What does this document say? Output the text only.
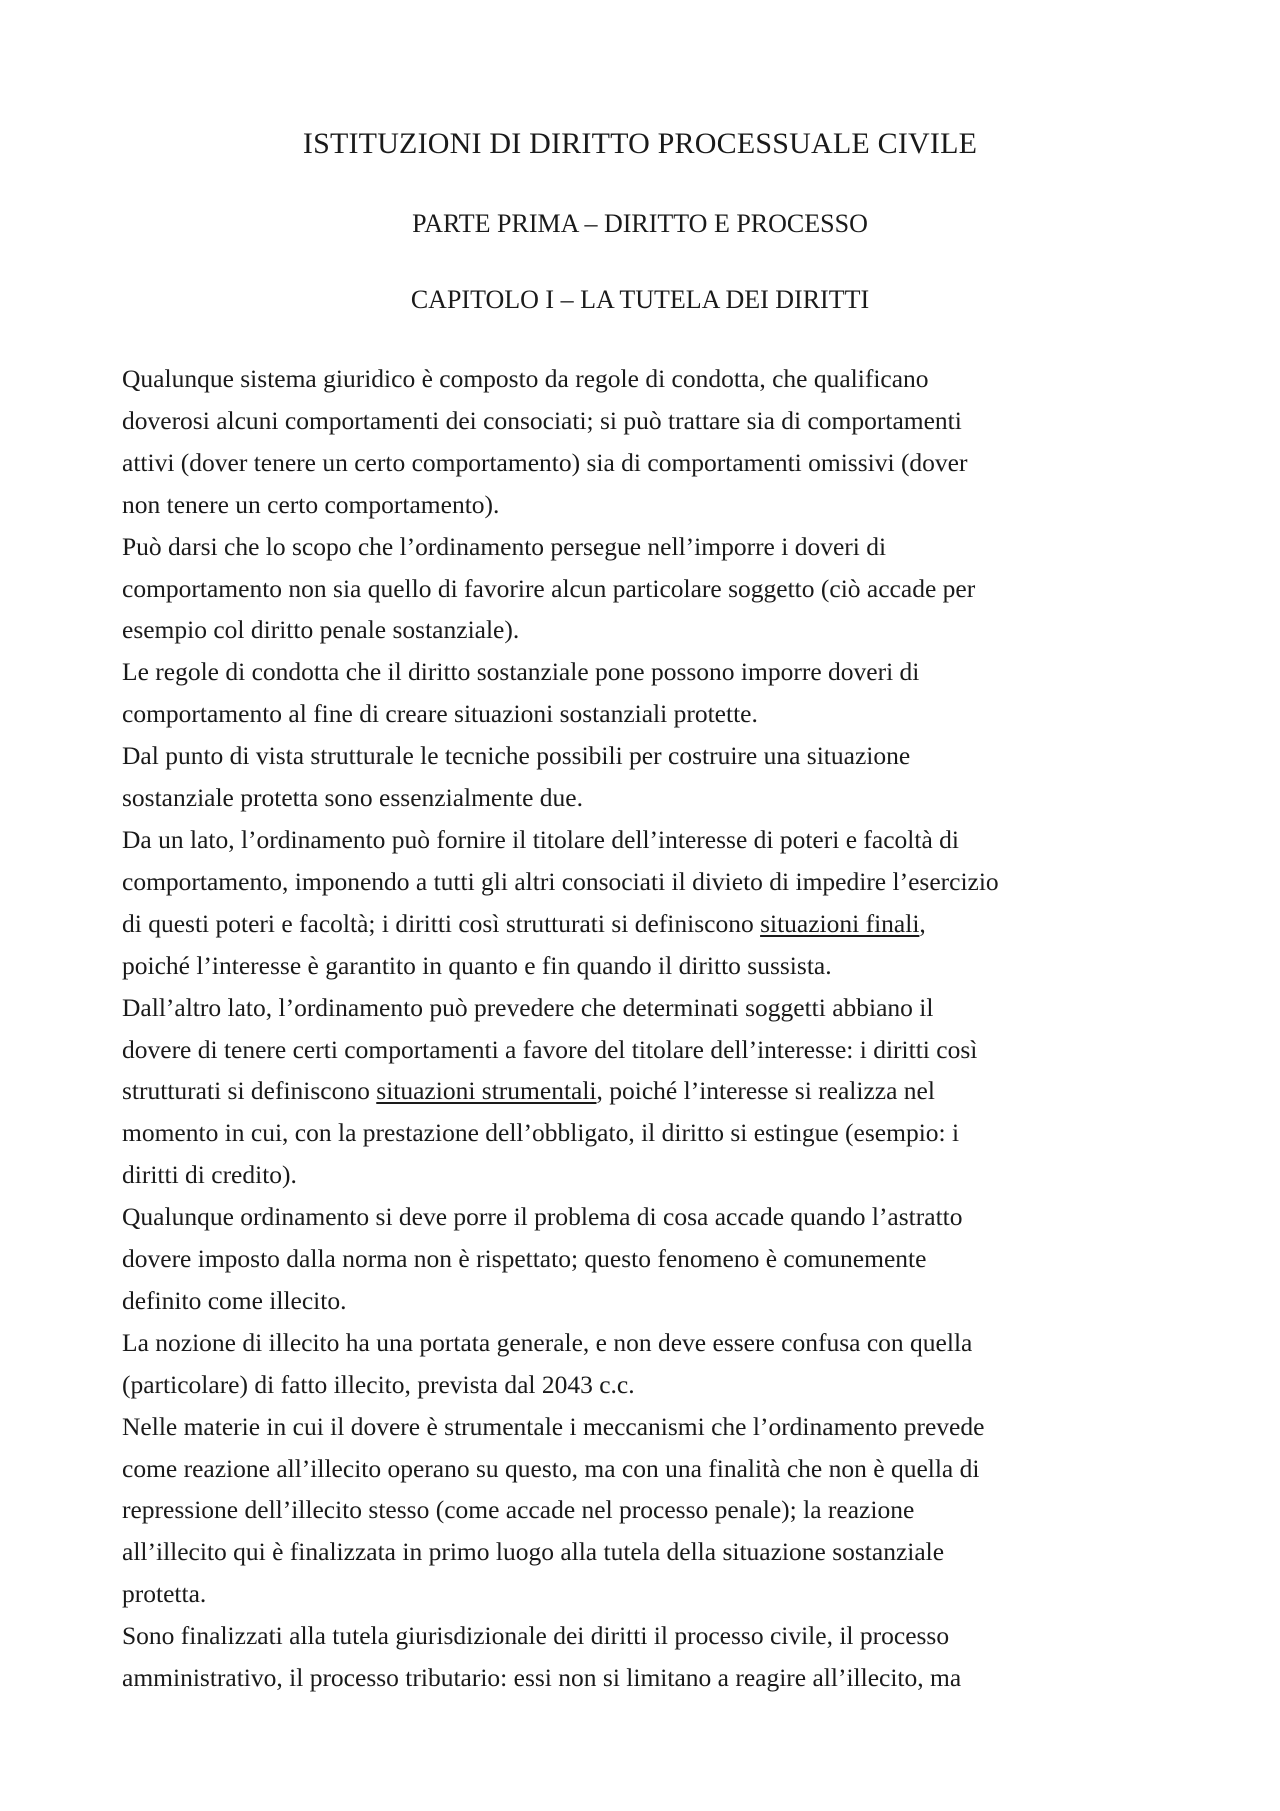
ISTITUZIONI DI DIRITTO PROCESSUALE CIVILE
PARTE PRIMA – DIRITTO E PROCESSO
CAPITOLO I – LA TUTELA DEI DIRITTI
Qualunque sistema giuridico è composto da regole di condotta, che qualificano
doverosi alcuni comportamenti dei consociati; si può trattare sia di comportamenti
attivi (dover tenere un certo comportamento) sia di comportamenti omissivi (dover
non tenere un certo comportamento).
Può darsi che lo scopo che l’ordinamento persegue nell’imporre i doveri di
comportamento non sia quello di favorire alcun particolare soggetto (ciò accade per
esempio col diritto penale sostanziale).
Le regole di condotta che il diritto sostanziale pone possono imporre doveri di
comportamento al fine di creare situazioni sostanziali protette.
Dal punto di vista strutturale le tecniche possibili per costruire una situazione
sostanziale protetta sono essenzialmente due.
Da un lato, l’ordinamento può fornire il titolare dell’interesse di poteri e facoltà di
comportamento, imponendo a tutti gli altri consociati il divieto di impedire l’esercizio
di questi poteri e facoltà; i diritti così strutturati si definiscono situazioni finali,
poiché l’interesse è garantito in quanto e fin quando il diritto sussista.
Dall’altro lato, l’ordinamento può prevedere che determinati soggetti abbiano il
dovere di tenere certi comportamenti a favore del titolare dell’interesse: i diritti così
strutturati si definiscono situazioni strumentali, poiché l’interesse si realizza nel
momento in cui, con la prestazione dell’obbligato, il diritto si estingue (esempio: i
diritti di credito).
Qualunque ordinamento si deve porre il problema di cosa accade quando l’astratto
dovere imposto dalla norma non è rispettato; questo fenomeno è comunemente
definito come illecito.
La nozione di illecito ha una portata generale, e non deve essere confusa con quella
(particolare) di fatto illecito, prevista dal 2043 c.c.
Nelle materie in cui il dovere è strumentale i meccanismi che l’ordinamento prevede
come reazione all’illecito operano su questo, ma con una finalità che non è quella di
repressione dell’illecito stesso (come accade nel processo penale); la reazione
all’illecito qui è finalizzata in primo luogo alla tutela della situazione sostanziale
protetta.
Sono finalizzati alla tutela giurisdizionale dei diritti il processo civile, il processo
amministrativo, il processo tributario: essi non si limitano a reagire all’illecito, ma
